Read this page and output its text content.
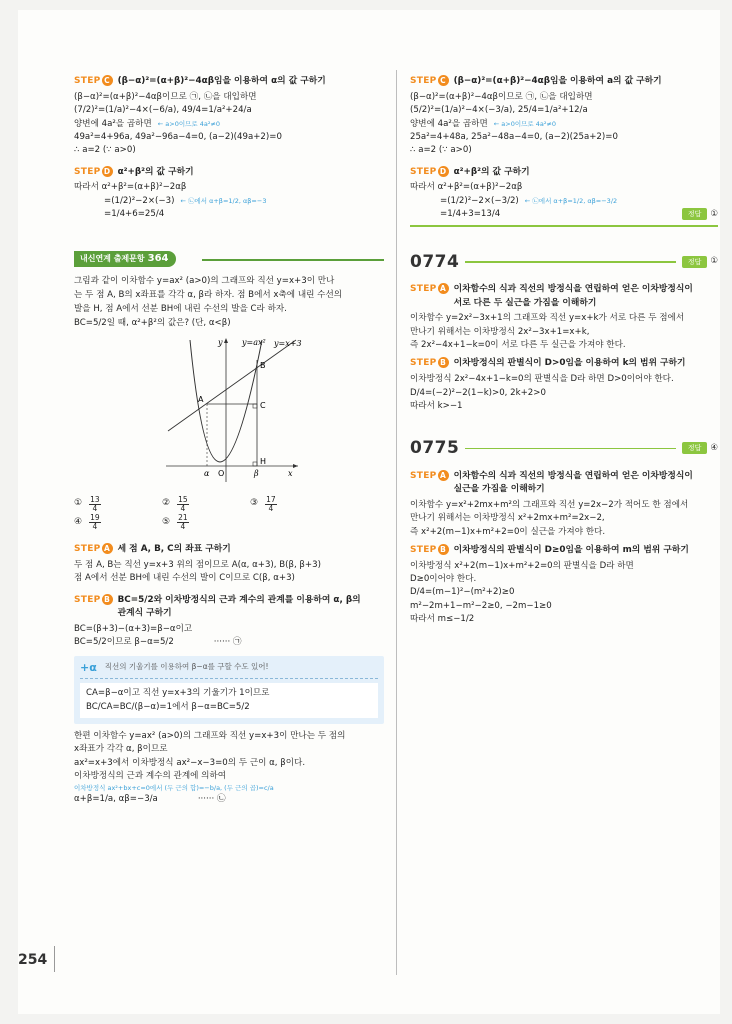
254
STEP C (β−α)²=(α+β)²−4αβ임을 이용하여 α의 값 구하기
(β−α)²=(α+β)²−4αβ이므로 ㉠, ㉡을 대입하면
(7/2)²=(1/a)²−4×(−6/a), 49/4=1/a²+24/a
양변에 4a²을 곱하면 ← a>0이므로 4a²≠0
49a²=4+96a, 49a²−96a−4=0, (a−2)(49a+2)=0
∴ a=2 (∵ a>0)
STEP D α²+β²의 값 구하기
따라서 α²+β²=(α+β)²−2αβ
=(1/2)²−2×(−3) ← ㉡에서 α+β=1/2, αβ=−3
=1/4+6=25/4
내신연계 출제문항 364
그림과 같이 이차함수 y=ax² (a>0)의 그래프와 직선 y=x+3이 만나
는 두 점 A, B의 x좌표를 각각 α, β라 하자. 점 B에서 x축에 내린 수선의
발을 H, 점 A에서 선분 BH에 내린 수선의 발을 C라 하자.
BC=5/2일 때, α²+β²의 값은? (단, α<β)
y=ax² y=x+3
y
x
A
B
C
H
O
α	β
① $\frac{13}{4}$	② $\frac{15}{4}$	③ $\frac{17}{4}$
④ $\frac{19}{4}$	⑤ $\frac{21}{4}$
STEP A 세 점 A, B, C의 좌표 구하기
두 점 A, B는 직선 y=x+3 위의 점이므로 A(α, α+3), B(β, β+3)
점 A에서 선분 BH에 내린 수선의 발이 C이므로 C(β, α+3)
STEP B BC=5/2와 이차방정식의 근과 계수의 관계를 이용하여 α, β의
관계식 구하기
BC=(β+3)−(α+3)=β−α이고
BC=5/2이므로 β−α=5/2	······ ㉠
+α 직선의 기울기를 이용하여 β−α를 구할 수도 있어!
CA=β−α이고 직선 y=x+3의 기울기가 1이므로
BC/CA=BC/(β−α)=1에서 β−α=BC=5/2
한편 이차함수 y=ax² (a>0)의 그래프와 직선 y=x+3이 만나는 두 점의
x좌표가 각각 α, β이므로
ax²=x+3에서 이차방정식 ax²−x−3=0의 두 근이 α, β이다.
이차방정식의 근과 계수의 관계에 의하여
이차방정식 ax²+bx+c=0에서 (두 근의 합)=−b/a, (두 근의 곱)=c/a
α+β=1/a, αβ=−3/a	······ ㉡
STEP C (β−α)²=(α+β)²−4αβ임을 이용하여 a의 값 구하기
(β−α)²=(α+β)²−4αβ이므로 ㉠, ㉡을 대입하면
(5/2)²=(1/a)²−4×(−3/a), 25/4=1/a²+12/a
양변에 4a²을 곱하면 ← a>0이므로 4a²≠0
25a²=4+48a, 25a²−48a−4=0, (a−2)(25a+2)=0
∴ a=2 (∵ a>0)
STEP D α²+β²의 값 구하기
따라서 α²+β²=(α+β)²−2αβ
=(1/2)²−2×(−3/2) ← ㉡에서 α+β=1/2, αβ=−3/2
=1/4+3=13/4	정답 ①
0774	정답	①
STEP A 이차함수의 식과 직선의 방정식을 연립하여 얻은 이차방정식이
서로 다른 두 실근을 가짐을 이해하기
이차함수 y=2x²−3x+1의 그래프와 직선 y=x+k가 서로 다른 두 점에서
만나기 위해서는 이차방정식 2x²−3x+1=x+k,
즉 2x²−4x+1−k=0이 서로 다른 두 실근을 가져야 한다.
STEP B 이차방정식의 판별식이 D>0임을 이용하여 k의 범위 구하기
이차방정식 2x²−4x+1−k=0의 판별식을 D라 하면 D>0이어야 한다.
D/4=(−2)²−2(1−k)>0, 2k+2>0
따라서 k>−1
0775	정답	④
STEP A 이차함수의 식과 직선의 방정식을 연립하여 얻은 이차방정식이
실근을 가짐을 이해하기
이차함수 y=x²+2mx+m²의 그래프와 직선 y=2x−2가 적어도 한 점에서
만나기 위해서는 이차방정식 x²+2mx+m²=2x−2,
즉 x²+2(m−1)x+m²+2=0이 실근을 가져야 한다.
STEP B 이차방정식의 판별식이 D≥0임을 이용하여 m의 범위 구하기
이차방정식 x²+2(m−1)x+m²+2=0의 판별식을 D라 하면
D≥0이어야 한다.
D/4=(m−1)²−(m²+2)≥0
m²−2m+1−m²−2≥0, −2m−1≥0
따라서 m≤−1/2
